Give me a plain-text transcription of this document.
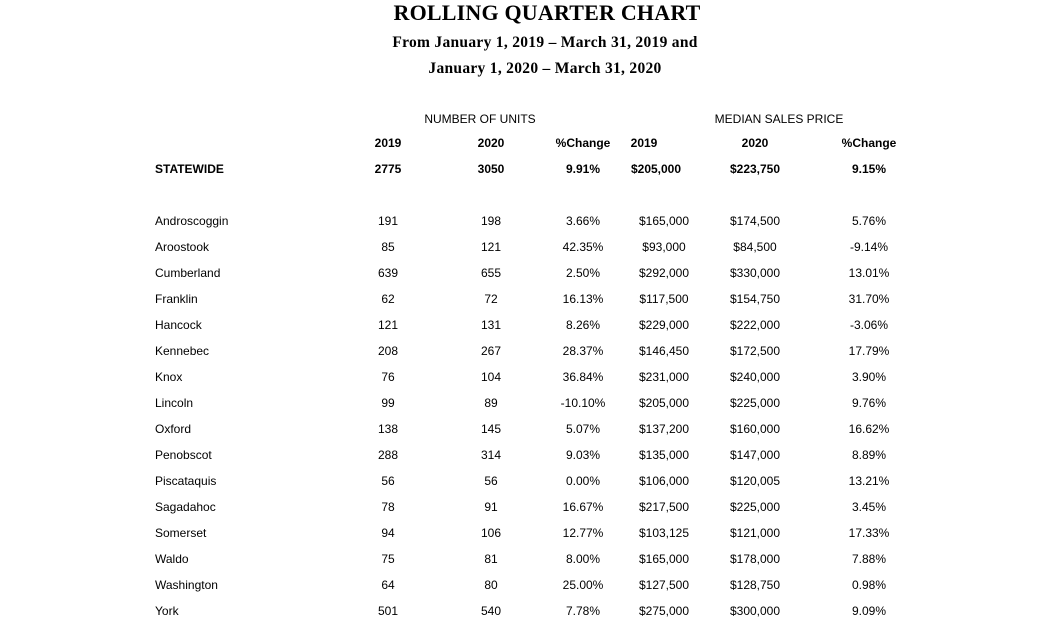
ROLLING QUARTER CHART
From January 1, 2019 – March 31, 2019 and
January 1, 2020 – March 31, 2020
NUMBER OF UNITS	MEDIAN SALES PRICE
2019	2020	%Change 2019	2020	%Change
STATEWIDE	2775	3050	9.91%	$205,000	$223,750	9.15%
Androscoggin	191	198	3.66%	$165,000	$174,500	5.76%
Aroostook	85	121	42.35%	$93,000	$84,500	-9.14%
Cumberland	639	655	2.50%	$292,000	$330,000	13.01%
Franklin	62	72	16.13%	$117,500	$154,750	31.70%
Hancock	121	131	8.26%	$229,000	$222,000	-3.06%
Kennebec	208	267	28.37%	$146,450	$172,500	17.79%
Knox	76	104	36.84%	$231,000	$240,000	3.90%
Lincoln	99	89	-10.10%	$205,000	$225,000	9.76%
Oxford	138	145	5.07%	$137,200	$160,000	16.62%
Penobscot	288	314	9.03%	$135,000	$147,000	8.89%
Piscataquis	56	56	0.00%	$106,000	$120,005	13.21%
Sagadahoc	78	91	16.67%	$217,500	$225,000	3.45%
Somerset	94	106	12.77%	$103,125	$121,000	17.33%
Waldo	75	81	8.00%	$165,000	$178,000	7.88%
Washington	64	80	25.00%	$127,500	$128,750	0.98%
York	501	540	7.78%	$275,000	$300,000	9.09%
